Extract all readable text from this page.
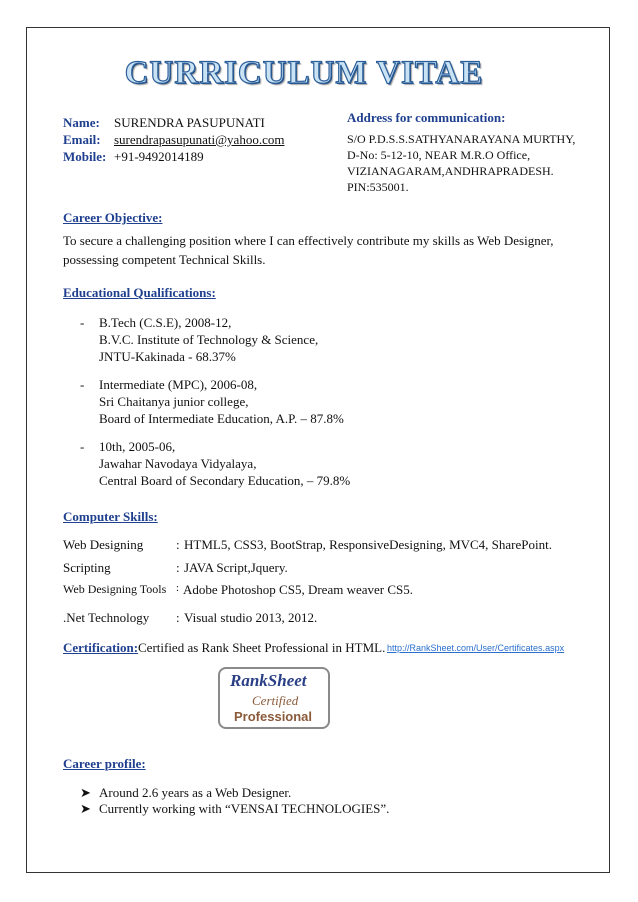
CURRICULUM VITAE
Name: SURENDRA PASUPUNATI
Email: surendrapasupunati@yahoo.com
Mobile: +91-9492014189
Address for communication:
S/O P.D.S.S.SATHYANARAYANA MURTHY,
D-No: 5-12-10, NEAR M.R.O Office,
VIZIANAGARAM,ANDHRAPRADESH.
PIN:535001.
Career Objective:
To secure a challenging position where I can effectively contribute my skills as Web Designer,
possessing competent Technical Skills.
Educational Qualifications:
- B.Tech (C.S.E), 2008-12,
B.V.C. Institute of Technology & Science,
JNTU-Kakinada - 68.37%
- Intermediate (MPC), 2006-08,
Sri Chaitanya junior college,
Board of Intermediate Education, A.P. – 87.8%
- 10th, 2005-06,
Jawahar Navodaya Vidyalaya,
Central Board of Secondary Education, – 79.8%
Computer Skills:
Web Designing	: HTML5, CSS3, BootStrap, ResponsiveDesigning, MVC4, SharePoint.
Scripting	: JAVA Script,Jquery.
Web Designing Tools : Adobe Photoshop CS5, Dream weaver CS5.
.Net Technology : Visual studio 2013, 2012.
Certification: Certified as Rank Sheet Professional in HTML. http://RankSheet.com/User/Certificates.aspx
RankSheet
Certified
Professional
Career profile:
➤ Around 2.6 years as a Web Designer.
➤ Currently working with “VENSAI TECHNOLOGIES”.
